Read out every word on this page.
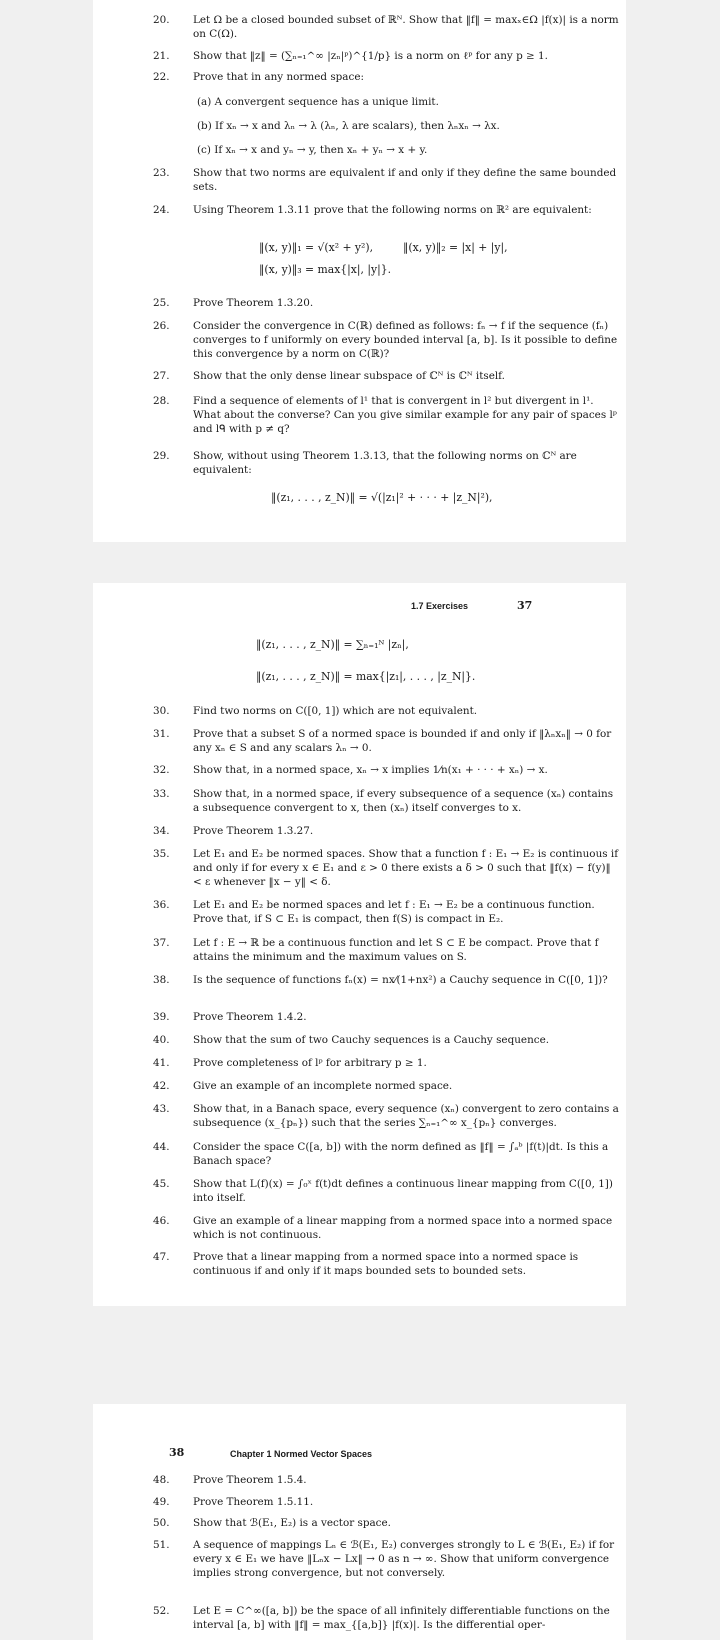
20. Let Ω be a closed bounded subset of ℝᴺ. Show that ‖f‖ = maxₓ∈Ω |f(x)| is a norm on C(Ω).
21. Show that ‖z‖ = (∑ₙ₌₁^∞ |zₙ|ᵖ)^{1/p} is a norm on ℓᵖ for any p ≥ 1.
22. Prove that in any normed space:
(a) A convergent sequence has a unique limit.
(b) If xₙ → x and λₙ → λ (λₙ, λ are scalars), then λₙxₙ → λx.
(c) If xₙ → x and yₙ → y, then xₙ + yₙ → x + y.
23. Show that two norms are equivalent if and only if they define the same bounded sets.
24. Using Theorem 1.3.11 prove that the following norms on ℝ² are equivalent:
‖(x, y)‖₁ = √(x² + y²),	‖(x, y)‖₂ = |x| + |y|,
‖(x, y)‖₃ = max{|x|, |y|}.
25. Prove Theorem 1.3.20.
26. Consider the convergence in C(ℝ) defined as follows: fₙ → f if the sequence (fₙ) converges to f uniformly on every bounded interval [a, b]. Is it possible to define this convergence by a norm on C(ℝ)?
27. Show that the only dense linear subspace of ℂᴺ is ℂᴺ itself.
28. Find a sequence of elements of l¹ that is convergent in l² but divergent in l¹. What about the converse? Can you give similar example for any pair of spaces lᵖ and lᑫ with p ≠ q?
29. Show, without using Theorem 1.3.13, that the following norms on ℂᴺ are equivalent:
‖(z₁, . . . , z_N)‖ = √(|z₁|² + · · · + |z_N|²),
1.7 Exercises	37
‖(z₁, . . . , z_N)‖ = ∑ₙ₌₁ᴺ |zₙ|,
‖(z₁, . . . , z_N)‖ = max{|z₁|, . . . , |z_N|}.
30. Find two norms on C([0, 1]) which are not equivalent.
31. Prove that a subset S of a normed space is bounded if and only if ‖λₙxₙ‖ → 0 for any xₙ ∈ S and any scalars λₙ → 0.
32. Show that, in a normed space, xₙ → x implies 1⁄n(x₁ + · · · + xₙ) → x.
33. Show that, in a normed space, if every subsequence of a sequence (xₙ) contains a subsequence convergent to x, then (xₙ) itself converges to x.
34. Prove Theorem 1.3.27.
35. Let E₁ and E₂ be normed spaces. Show that a function f : E₁ → E₂ is continuous if and only if for every x ∈ E₁ and ε > 0 there exists a δ > 0 such that ‖f(x) − f(y)‖ < ε whenever ‖x − y‖ < δ.
36. Let E₁ and E₂ be normed spaces and let f : E₁ → E₂ be a continuous function. Prove that, if S ⊂ E₁ is compact, then f(S) is compact in E₂.
37. Let f : E → ℝ be a continuous function and let S ⊂ E be compact. Prove that f attains the minimum and the maximum values on S.
38. Is the sequence of functions fₙ(x) = nx⁄(1+nx²) a Cauchy sequence in C([0, 1])?
39. Prove Theorem 1.4.2.
40. Show that the sum of two Cauchy sequences is a Cauchy sequence.
41. Prove completeness of lᵖ for arbitrary p ≥ 1.
42. Give an example of an incomplete normed space.
43. Show that, in a Banach space, every sequence (xₙ) convergent to zero contains a subsequence (x_{pₙ}) such that the series ∑ₙ₌₁^∞ x_{pₙ} converges.
44. Consider the space C([a, b]) with the norm defined as ‖f‖ = ∫ₐᵇ |f(t)|dt. Is this a Banach space?
45. Show that L(f)(x) = ∫₀ˣ f(t)dt defines a continuous linear mapping from C([0, 1]) into itself.
46. Give an example of a linear mapping from a normed space into a normed space which is not continuous.
47. Prove that a linear mapping from a normed space into a normed space is continuous if and only if it maps bounded sets to bounded sets.
38	Chapter 1 Normed Vector Spaces
48. Prove Theorem 1.5.4.
49. Prove Theorem 1.5.11.
50. Show that ℬ(E₁, E₂) is a vector space.
51. A sequence of mappings Lₙ ∈ ℬ(E₁, E₂) converges strongly to L ∈ ℬ(E₁, E₂) if for every x ∈ E₁ we have ‖Lₙx − Lx‖ → 0 as n → ∞. Show that uniform convergence implies strong convergence, but not conversely.
52. Let E = C^∞([a, b]) be the space of all infinitely differentiable functions on the interval [a, b] with ‖f‖ = max_{[a,b]} |f(x)|. Is the differential oper-
